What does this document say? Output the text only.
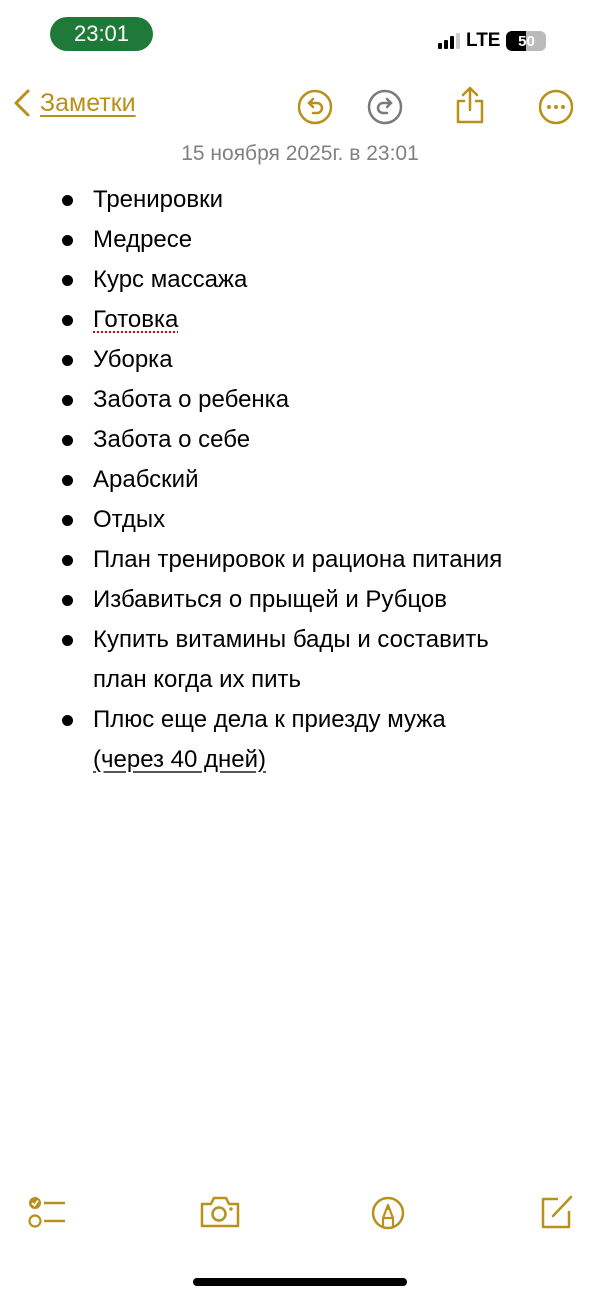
23:01	LTE 50
Заметки
15 ноября 2025г. в 23:01
Тренировки
Медресе
Курс массажа
Готовка
Уборка
Забота о ребенка
Забота о себе
Арабский
Отдых
План тренировок и рациона питания
Избавиться о прыщей и Рубцов
Купить витамины бады и составить
план когда их пить
Плюс еще дела к приезду мужа
(через 40 дней)
